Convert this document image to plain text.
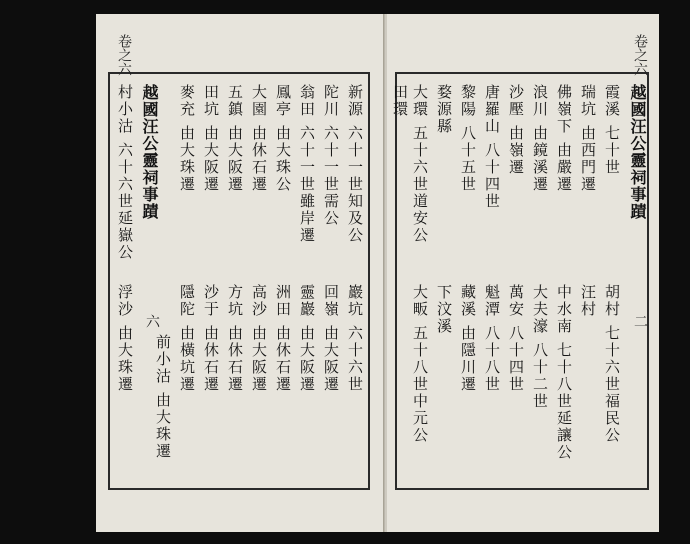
越國汪公靈祠事蹟
六
新源 六十一世知及公
陀川 六十一世需公
翁田 六十一世雖岸遷
鳳亭 由大珠公
大園 由休石遷
五鎮 由大阪遷
田坑 由大阪遷
麥充 由大珠遷
前小沽 由大珠遷
村小沽 六十六世延嶽公
巖坑 六十六世
回嶺 由大阪遷
靈巖 由大阪遷
洲田 由休石遷
高沙 由大阪遷
方坑 由休石遷
沙于 由休石遷
隱陀 由橫坑遷
浮沙 由大珠遷
卷之六
越國汪公靈祠事蹟
二
卷之六
霞溪 七十世
瑞坑 由西門遷
佛嶺下 由嚴遷
浪川 由鏡溪遷
沙壓 由嶺遷
唐羅山 八十四世
黎陽 八十五世
婺源縣
大環 五十六世道安公
田環
胡村 七十六世福民公
汪村
中水南 七十八世延讓公
大夫濠 八十二世
萬安 八十四世
魁潭 八十八世
藏溪 由隱川遷
大畈 五十八世中元公 下汶溪
